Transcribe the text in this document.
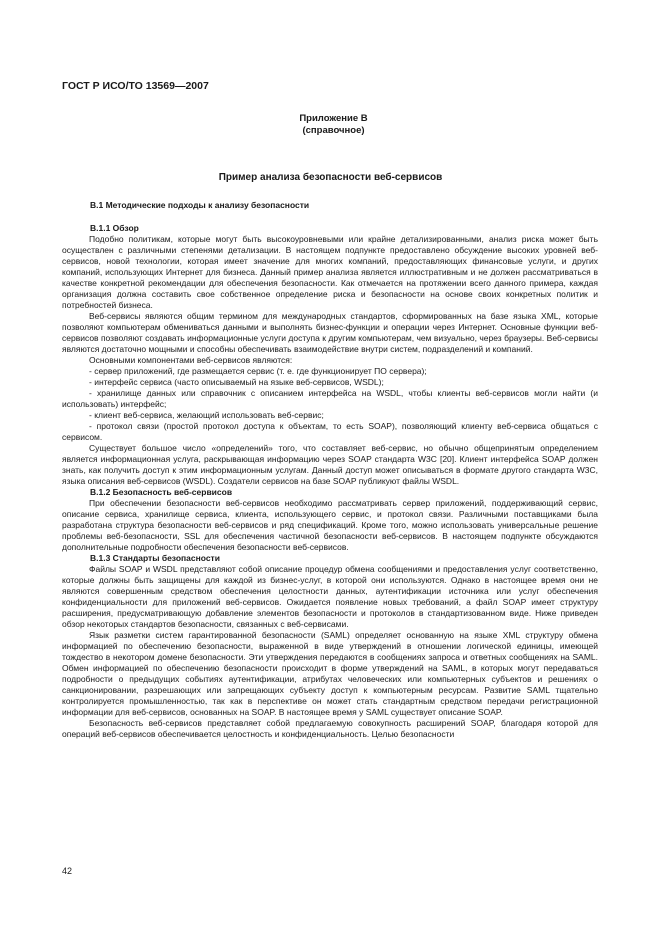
ГОСТ Р ИСО/ТО 13569—2007
Приложение В
(справочное)
Пример анализа безопасности веб-сервисов
В.1 Методические подходы к анализу безопасности
В.1.1 Обзор

Подобно политикам, которые могут быть высокоуровневыми или крайне детализированными, анализ риска может быть осуществлен с различными степенями детализации. В настоящем подпункте предоставлено обсуждение высоких уровней веб-сервисов, новой технологии, которая имеет значение для многих компаний, предоставляющих финансовые услуги, и других компаний, использующих Интернет для бизнеса. Данный пример анализа является иллюстративным и не должен рассматриваться в качестве конкретной рекомендации для обеспечения безопасности. Как отмечается на протяжении всего данного примера, каждая организация должна составить свое собственное определение риска и безопасности на основе своих конкретных политик и потребностей бизнеса.

Веб-сервисы являются общим термином для международных стандартов, сформированных на базе языка XML, которые позволяют компьютерам обмениваться данными и выполнять бизнес-функции и операции через Интернет. Основные функции веб-сервисов позволяют создавать информационные услуги доступа к другим компьютерам, чем визуально, через браузеры. Веб-сервисы являются достаточно мощными и способны обеспечивать взаимодействие внутри систем, подразделений и компаний.

Основными компонентами веб-сервисов являются:

- сервер приложений, где размещается сервис (т. е. где функционирует ПО сервера);

- интерфейс сервиса (часто описываемый на языке веб-сервисов, WSDL);

- хранилище данных или справочник с описанием интерфейса на WSDL, чтобы клиенты веб-сервисов могли найти (и использовать) интерфейс;

- клиент веб-сервиса, желающий использовать веб-сервис;

- протокол связи (простой протокол доступа к объектам, то есть SOAP), позволяющий клиенту веб-сервиса общаться с сервисом.

Существует большое число «определений» того, что составляет веб-сервис, но обычно общепринятым определением является информационная услуга, раскрывающая информацию через SOAP стандарта W3C [20]. Клиент интерфейса SOAP должен знать, как получить доступ к этим информационным услугам. Данный доступ может описываться в формате другого стандарта W3C, языка описания веб-сервисов (WSDL). Создатели сервисов на базе SOAP публикуют файлы WSDL.

В.1.2 Безопасность веб-сервисов

При обеспечении безопасности веб-сервисов необходимо рассматривать сервер приложений, поддерживающий сервис, описание сервиса, хранилище сервиса, клиента, использующего сервис, и протокол связи. Различными поставщиками была разработана структура безопасности веб-сервисов и ряд спецификаций. Кроме того, можно использовать универсальные решение проблемы веб-безопасности, SSL для обеспечения частичной безопасности веб-сервисов. В настоящем подпункте обсуждаются дополнительные подробности обеспечения безопасности веб-сервисов.

В.1.3 Стандарты безопасности

Файлы SOAP и WSDL представляют собой описание процедур обмена сообщениями и предоставления услуг соответственно, которые должны быть защищены для каждой из бизнес-услуг, в которой они используются. Однако в настоящее время они не являются совершенным средством обеспечения целостности данных, аутентификации источника или услуг обеспечения конфиденциальности для приложений веб-сервисов. Ожидается появление новых требований, а файл SOAP имеет структуру расширения, предусматривающую добавление элементов безопасности и протоколов в стандартизованном виде. Ниже приведен обзор некоторых стандартов безопасности, связанных с веб-сервисами.

Язык разметки систем гарантированной безопасности (SAML) определяет основанную на языке XML структуру обмена информацией по обеспечению безопасности, выраженной в виде утверждений в отношении логической единицы, имеющей тождество в некотором домене безопасности. Эти утверждения передаются в сообщениях запроса и ответных сообщениях на SAML. Обмен информацией по обеспечению безопасности происходит в форме утверждений на SAML, в которых могут передаваться подробности о предыдущих событиях аутентификации, атрибутах человеческих или компьютерных субъектов и решениях о санкционировании, разрешающих или запрещающих субъекту доступ к компьютерным ресурсам. Развитие SAML тщательно контролируется промышленностью, так как в перспективе он может стать стандартным средством передачи регистрационной информации для веб-сервисов, основанных на SOAP. В настоящее время у SAML существует описание SOAP.

Безопасность веб-сервисов представляет собой предлагаемую совокупность расширений SOAP, благодаря которой для операций веб-сервисов обеспечивается целостность и конфиденциальность. Целью безопасности

42
